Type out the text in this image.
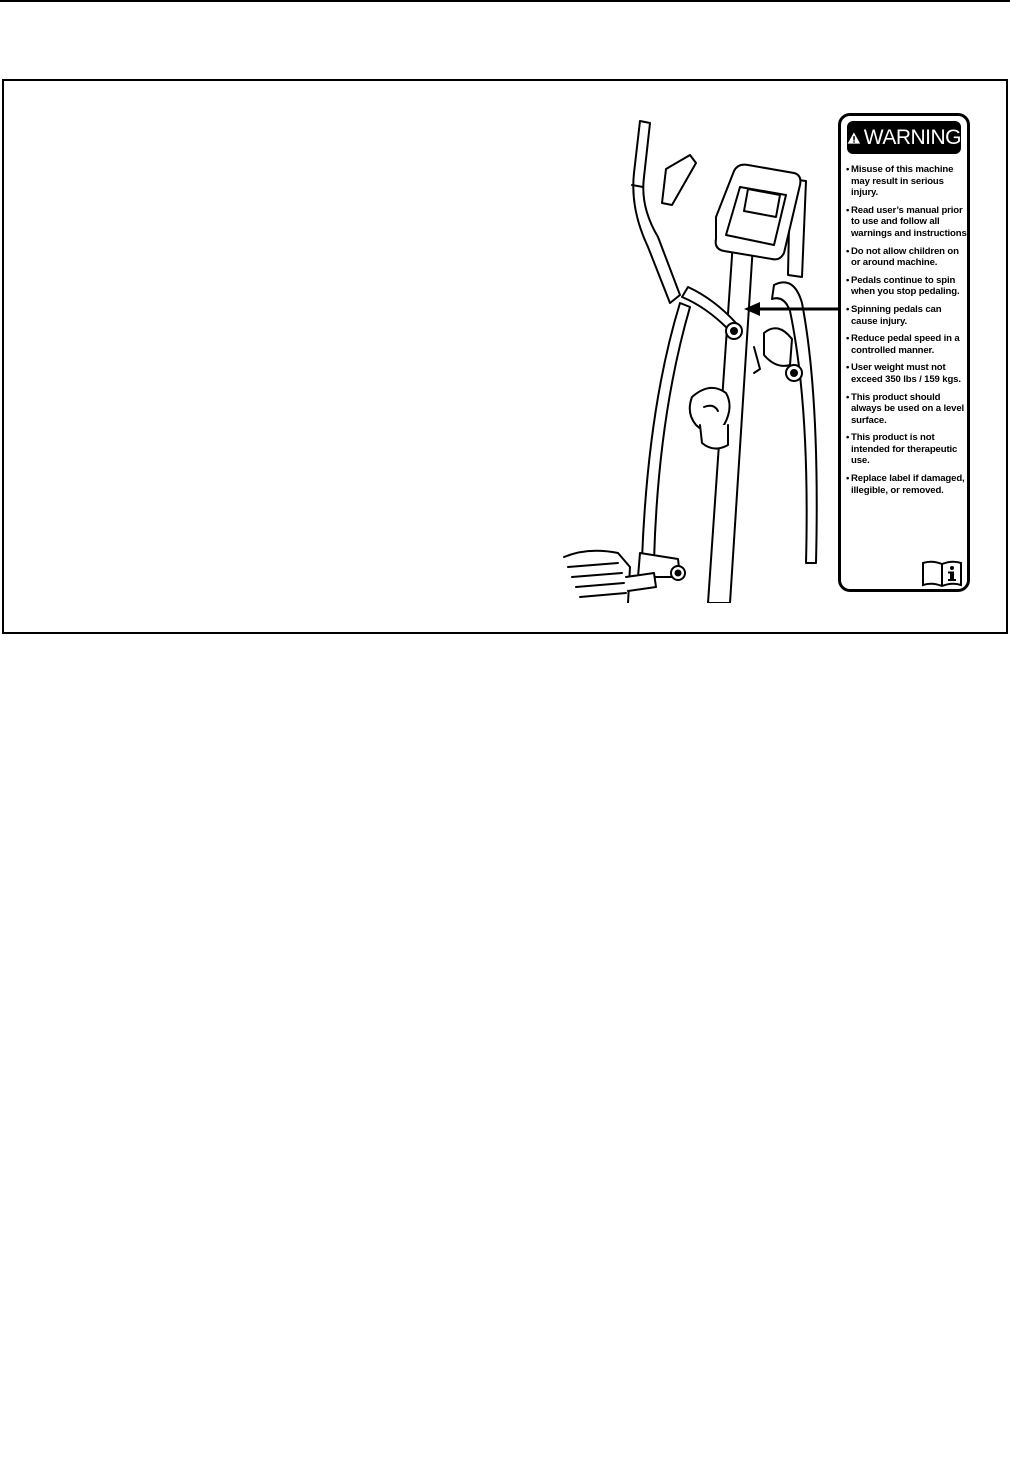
WARNING
• Misuse of this machine may result in serious injury.
• Read user’s manual prior to use and follow all warnings and instructions.
• Do not allow children on or around machine.
• Pedals continue to spin when you stop pedaling.
• Spinning pedals can cause injury.
• Reduce pedal speed in a controlled manner.
• User weight must not exceed 350 lbs / 159 kgs.
• This product should always be used on a level surface.
• This product is not intended for therapeutic use.
• Replace label if damaged, illegible, or removed.
